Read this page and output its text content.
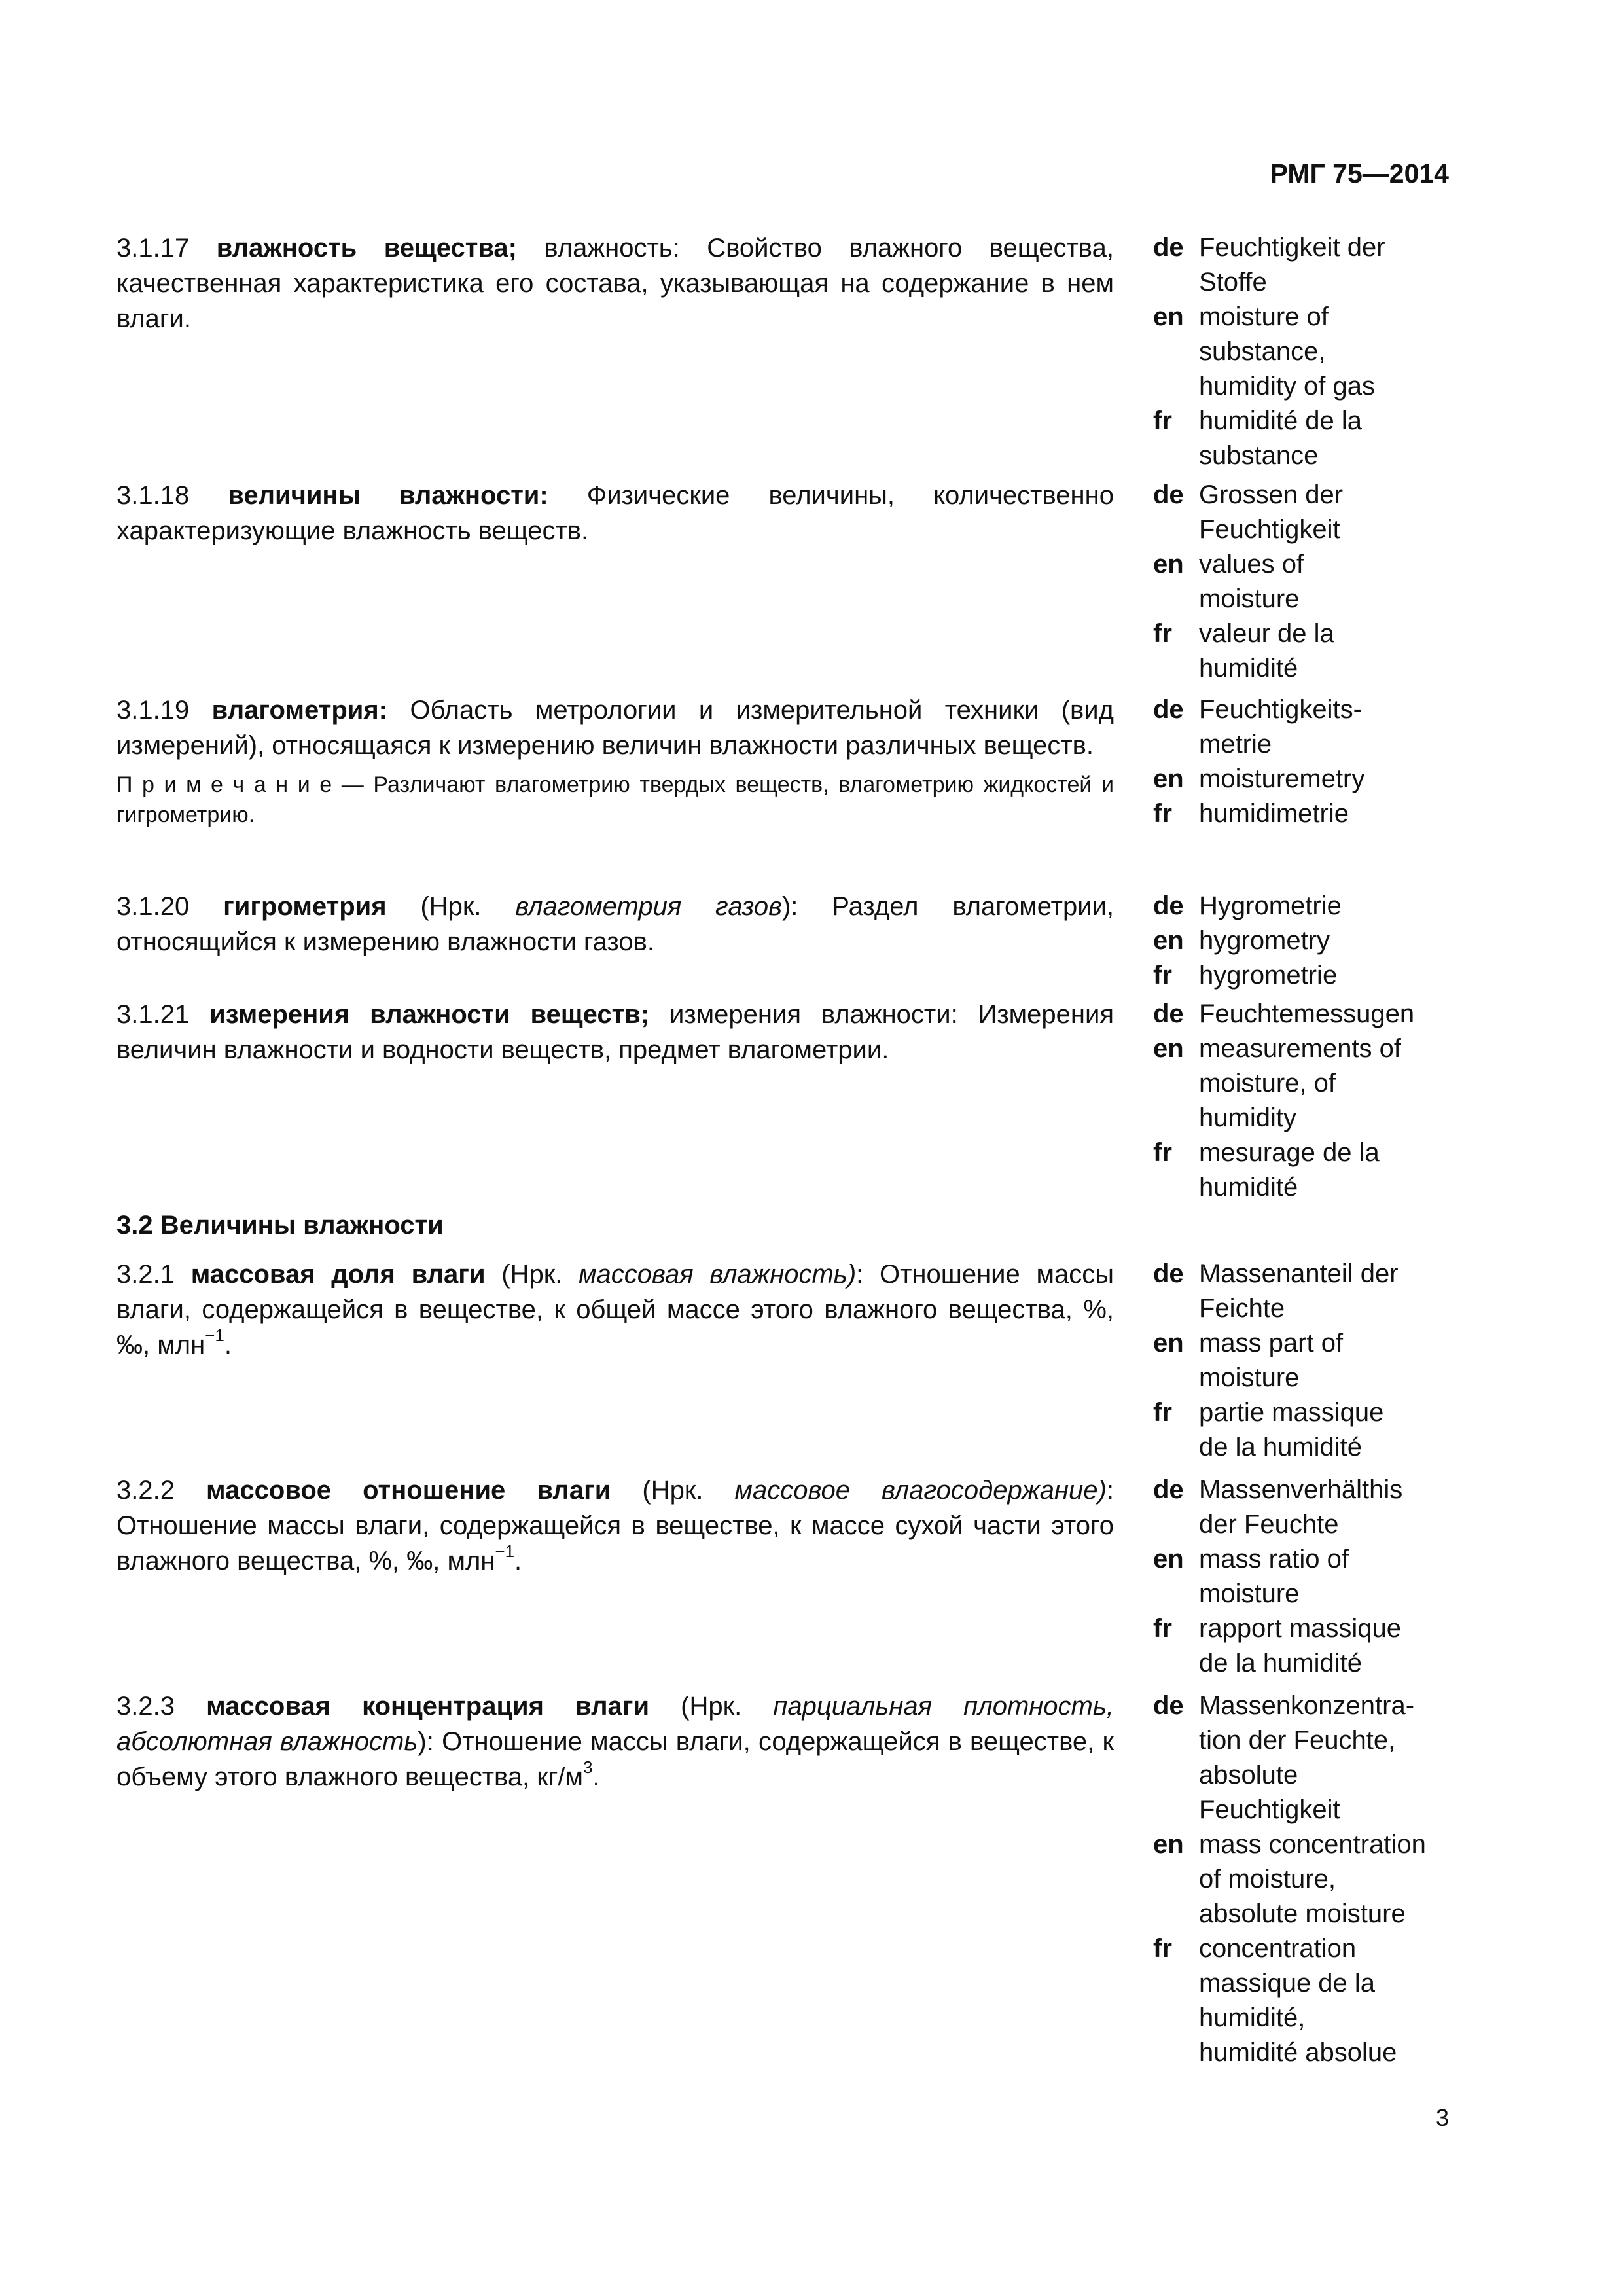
РМГ 75—2014
3.1.17 влажность вещества; влажность: Свойство влажного вещества, качественная характеристика его состава, указывающая на содержание в нем влаги.
de Feuchtigkeit der
Stoffe
en moisture of
substance,
humidity of gas
fr	humidité de la
substance
3.1.18 величины влажности: Физические величины, количественно характеризующие влажность веществ.
de Grossen der
Feuchtigkeit
en values of
moisture
fr	valeur de la
humidité
3.1.19 влагометрия: Область метрологии и измерительной техники (вид измерений), относящаяся к измерению величин влажности различных веществ.
П р и м е ч а н и е — Различают влагометрию твердых веществ, влагометрию жидкостей и гигрометрию.
de Feuchtigkeits-
metrie
en moisturemetry
fr	humidimetrie
3.1.20 гигрометрия (Нрк. влагометрия газов): Раздел влагометрии, относящийся к измерению влажности газов.
de Hygrometrie
en hygrometry
fr	hygrometrie
3.1.21 измерения влажности веществ; измерения влажности: Измерения величин влажности и водности веществ, предмет влагометрии.
de Feuchtemessugen
en measurements of
moisture, of
humidity
fr	mesurage de la
humidité
3.2 Величины влажности
3.2.1 массовая доля влаги (Нрк. массовая влажность): Отношение массы влаги, содержащейся в веществе, к общей массе этого влажного вещества, %, ‰, млн$^{-1}$.
de Massenanteil der
Feichte
en mass part of
moisture
fr	partie massique
de la humidité
3.2.2 массовое отношение влаги (Нрк. массовое влагосодержание): Отношение массы влаги, содержащейся в веществе, к массе сухой части этого влажного вещества, %, ‰, млн$^{-1}$.
de Massenverhälthis
der Feuchte
en mass ratio of
moisture
fr	rapport massique
de la humidité
3.2.3 массовая концентрация влаги (Нрк. парциальная плотность, абсолютная влажность): Отношение массы влаги, содержащейся в веществе, к объему этого влажного вещества, $кг/м^3$.
de Massenkonzentra-
tion der Feuchte,
absolute
Feuchtigkeit
en mass concentration
of moisture,
absolute moisture
fr	concentration
massique de la
humidité,
humidité absolue
3
